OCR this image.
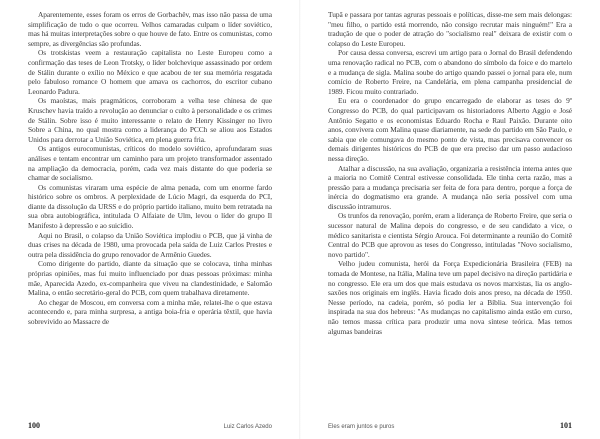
Aparentemente, esses foram os erros de Gorbachëv, mas isso não passa de uma simplificação de tudo o que ocorreu. Velhos camaradas culpam o líder soviético, mas há muitas interpretações sobre o que houve de fato. Entre os comunistas, como sempre, as divergências são profundas.

Os trotskistas veem a restauração capitalista no Leste Europeu como a confirmação das teses de Leon Trotsky, o líder bolchevique assassinado por ordem de Stálin durante o exílio no México e que acabou de ter sua memória resgatada pelo fabuloso romance O homem que amava os cachorros, do escritor cubano Leonardo Padura.

Os maoístas, mais pragmáticos, corroboram a velha tese chinesa de que Kruschev havia traído a revolução ao denunciar o culto à personalidade e os crimes de Stálin. Sobre isso é muito interessante o relato de Henry Kissinger no livro Sobre a China, no qual mostra como a liderança do PCCh se aliou aos Estados Unidos para derrotar a União Soviética, em plena guerra fria.

Os antigos eurocomunistas, críticos do modelo soviético, aprofundaram suas análises e tentam encontrar um caminho para um projeto transformador assentado na ampliação da democracia, porém, cada vez mais distante do que poderia se chamar de socialismo.

Os comunistas viraram uma espécie de alma penada, com um enorme fardo histórico sobre os ombros. A perplexidade de Lúcio Magri, da esquerda do PCI, diante da dissolução da URSS e do próprio partido italiano, muito bem retratada na sua obra autobiográfica, intitulada O Alfaiate de Ulm, levou o líder do grupo Il Manifesto à depressão e ao suicídio.

Aqui no Brasil, o colapso da União Soviética implodiu o PCB, que já vinha de duas crises na década de 1980, uma provocada pela saída de Luiz Carlos Prestes e outra pela dissidência do grupo renovador de Armênio Guedes.

Como dirigente do partido, diante da situação que se colocava, tinha minhas próprias opiniões, mas fui muito influenciado por duas pessoas próximas: minha mãe, Aparecida Azedo, ex-companheira que viveu na clandestinidade, e Salomão Malina, o então secretário-geral do PCB, com quem trabalhava diretamente.

Ao chegar de Moscou, em conversa com a minha mãe, relatei-lhe o que estava acontecendo e, para minha surpresa, a antiga boia-fria e operária têxtil, que havia sobrevivido ao Massacre de

100	Luiz Carlos Azedo

Tupã e passara por tantas agruras pessoais e políticas, disse-me sem mais delongas: "meu filho, o partido está morrendo, não consigo recrutar mais ninguém!" Era a tradução de que o poder de atração do "socialismo real" deixara de existir com o colapso do Leste Europeu.

Por causa dessa conversa, escrevi um artigo para o Jornal do Brasil defendendo uma renovação radical no PCB, com o abandono do símbolo da foice e do martelo e a mudança de sigla. Malina soube do artigo quando passei o jornal para ele, num comício de Roberto Freire, na Candelária, em plena campanha presidencial de 1989. Ficou muito contrariado.

Eu era o coordenador do grupo encarregado de elaborar as teses do 9º Congresso do PCB, do qual participavam os historiadores Alberto Aggio e José Antônio Segatto e os economistas Eduardo Rocha e Raul Paixão. Durante oito anos, convivera com Malina quase diariamente, na sede do partido em São Paulo, e sabia que ele comungava do mesmo ponto de vista, mas precisava convencer os demais dirigentes históricos do PCB de que era preciso dar um passo audacioso nessa direção.

Atalhar a discussão, na sua avaliação, organizaria a resistência interna antes que a maioria no Comitê Central estivesse consolidada. Ele tinha certa razão, mas a pressão para a mudança precisaria ser feita de fora para dentro, porque a força de inércia do dogmatismo era grande. A mudança não seria possível com uma discussão intramuros.

Os trunfos da renovação, porém, eram a liderança de Roberto Freire, que seria o sucessor natural de Malina depois do congresso, e de seu candidato a vice, o médico sanitarista e cientista Sérgio Arouca. Foi determinante a reunião do Comitê Central do PCB que aprovou as teses do Congresso, intituladas "Novo socialismo, novo partido".

Velho judeu comunista, herói da Força Expedicionária Brasileira (FEB) na tomada de Montese, na Itália, Malina teve um papel decisivo na direção partidária e no congresso. Ele era um dos que mais estudava os novos marxistas, lia os anglo-saxões nos originais em inglês. Havia ficado dois anos preso, na década de 1950. Nesse período, na cadeia, porém, só podia ler a Bíblia. Sua intervenção foi inspirada na sua dos hebreus: "As mudanças no capitalismo ainda estão em curso, não temos massa crítica para produzir uma nova síntese teórica. Mas temos algumas bandeiras

Eles eram juntos e puros	101
